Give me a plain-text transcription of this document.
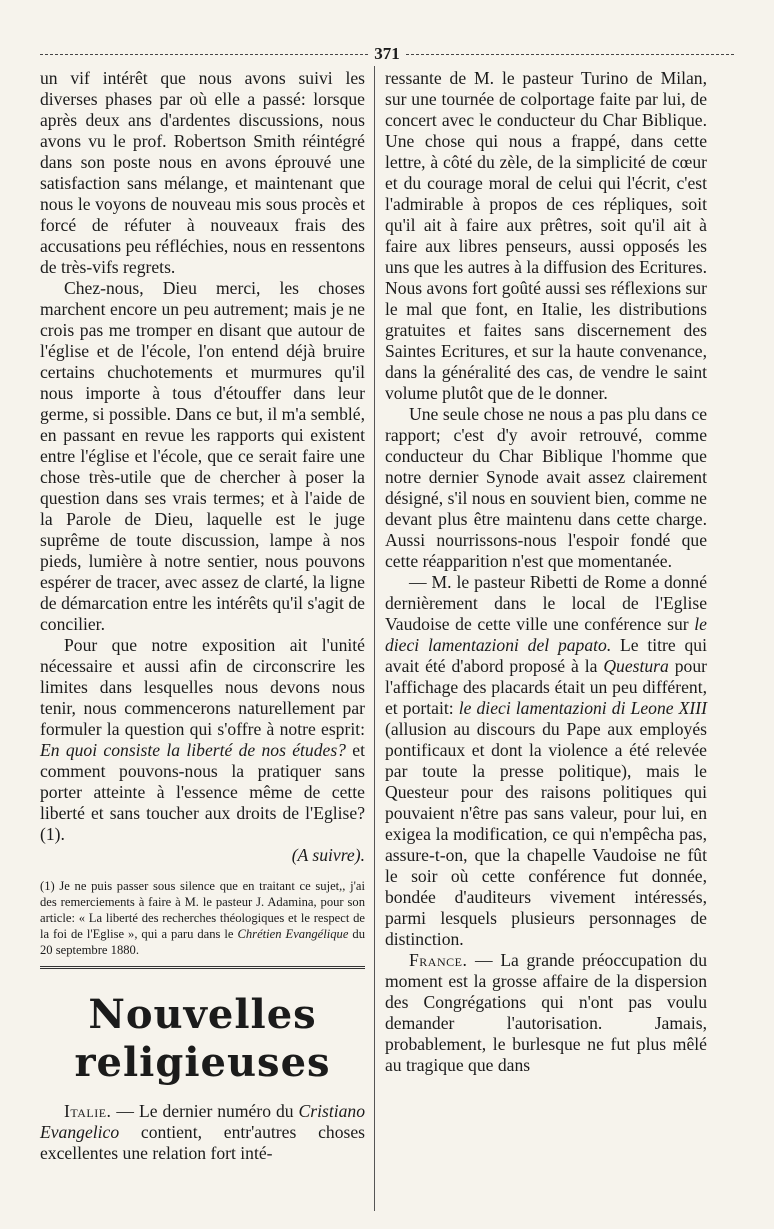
371

un vif intérêt que nous avons suivi les diverses phases par où elle a passé: lorsque après deux ans d'ardentes discussions, nous avons vu le prof. Robertson Smith réintégré dans son poste nous en avons éprouvé une satisfaction sans mélange, et maintenant que nous le voyons de nouveau mis sous procès et forcé de réfuter à nouveaux frais des accusations peu réfléchies, nous en ressentons de très-vifs regrets.

Chez-nous, Dieu merci, les choses marchent encore un peu autrement; mais je ne crois pas me tromper en disant que autour de l'église et de l'école, l'on entend déjà bruire certains chuchotements et murmures qu'il nous importe à tous d'étouffer dans leur germe, si possible. Dans ce but, il m'a semblé, en passant en revue les rapports qui existent entre l'église et l'école, que ce serait faire une chose très-utile que de chercher à poser la question dans ses vrais termes; et à l'aide de la Parole de Dieu, laquelle est le juge suprême de toute discussion, lampe à nos pieds, lumière à notre sentier, nous pouvons espérer de tracer, avec assez de clarté, la ligne de démarcation entre les intérêts qu'il s'agit de concilier.

Pour que notre exposition ait l'unité nécessaire et aussi afin de circonscrire les limites dans lesquelles nous devons nous tenir, nous commencerons naturellement par formuler la question qui s'offre à notre esprit: En quoi consiste la liberté de nos études? et comment pouvons-nous la pratiquer sans porter atteinte à l'essence même de cette liberté et sans toucher aux droits de l'Eglise? (1).

(A suivre).

(1) Je ne puis passer sous silence que en traitant ce sujet,, j'ai des remerciements à faire à M. le pasteur J. Adamina, pour son article: « La liberté des recherches théologiques et le respect de la foi de l'Eglise », qui a paru dans le Chrétien Evangélique du 20 septembre 1880.

Nouvelles religieuses

Italie. — Le dernier numéro du Cristiano Evangelico contient, entr'autres choses excellentes une relation fort inté-

ressante de M. le pasteur Turino de Milan, sur une tournée de colportage faite par lui, de concert avec le conducteur du Char Biblique. Une chose qui nous a frappé, dans cette lettre, à côté du zèle, de la simplicité de cœur et du courage moral de celui qui l'écrit, c'est l'admirable à propos de ces répliques, soit qu'il ait à faire aux prêtres, soit qu'il ait à faire aux libres penseurs, aussi opposés les uns que les autres à la diffusion des Ecritures. Nous avons fort goûté aussi ses réflexions sur le mal que font, en Italie, les distributions gratuites et faites sans discernement des Saintes Ecritures, et sur la haute convenance, dans la généralité des cas, de vendre le saint volume plutôt que de le donner.

Une seule chose ne nous a pas plu dans ce rapport; c'est d'y avoir retrouvé, comme conducteur du Char Biblique l'homme que notre dernier Synode avait assez clairement désigné, s'il nous en souvient bien, comme ne devant plus être maintenu dans cette charge. Aussi nourrissons-nous l'espoir fondé que cette réapparition n'est que momentanée.

— M. le pasteur Ribetti de Rome a donné dernièrement dans le local de l'Eglise Vaudoise de cette ville une conférence sur le dieci lamentazioni del papato. Le titre qui avait été d'abord proposé à la Questura pour l'affichage des placards était un peu différent, et portait: le dieci lamentazioni di Leone XIII (allusion au discours du Pape aux employés pontificaux et dont la violence a été relevée par toute la presse politique), mais le Questeur pour des raisons politiques qui pouvaient n'être pas sans valeur, pour lui, en exigea la modification, ce qui n'empêcha pas, assure-t-on, que la chapelle Vaudoise ne fût le soir où cette conférence fut donnée, bondée d'auditeurs vivement intéressés, parmi lesquels plusieurs personnages de distinction.

France. — La grande préoccupation du moment est la grosse affaire de la dispersion des Congrégations qui n'ont pas voulu demander l'autorisation. Jamais, probablement, le burlesque ne fut plus mêlé au tragique que dans
